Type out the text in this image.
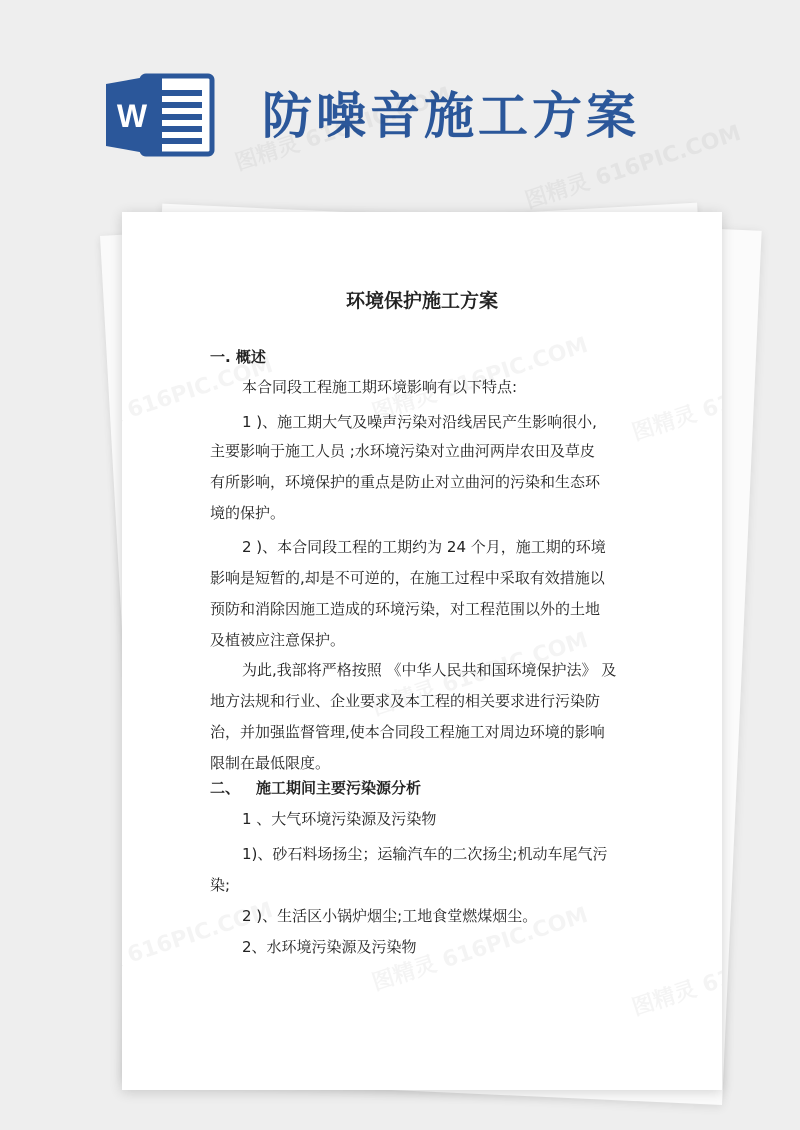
W 防噪音施工方案
环境保护施工方案
一. 概述
本合同段工程施工期环境影响有以下特点:
1 )、施工期大气及噪声污染对沿线居民产生影响很小,
主要影响于施工人员 ;水环境污染对立曲河两岸农田及草皮
有所影响，环境保护的重点是防止对立曲河的污染和生态环
境的保护。
2 )、本合同段工程的工期约为 24 个月，施工期的环境
影响是短暂的,却是不可逆的，在施工过程中采取有效措施以
预防和消除因施工造成的环境污染，对工程范围以外的土地
及植被应注意保护。
为此,我部将严格按照 《中华人民共和国环境保护法》 及
地方法规和行业、企业要求及本工程的相关要求进行污染防
治，并加强监督管理,使本合同段工程施工对周边环境的影响
限制在最低限度。
二、 施工期间主要污染源分析
1 、大气环境污染源及污染物
1)、砂石料场扬尘；运输汽车的二次扬尘;机动车尾气污
染;
2 )、生活区小锅炉烟尘;工地食堂燃煤烟尘。
2、水环境污染源及污染物
